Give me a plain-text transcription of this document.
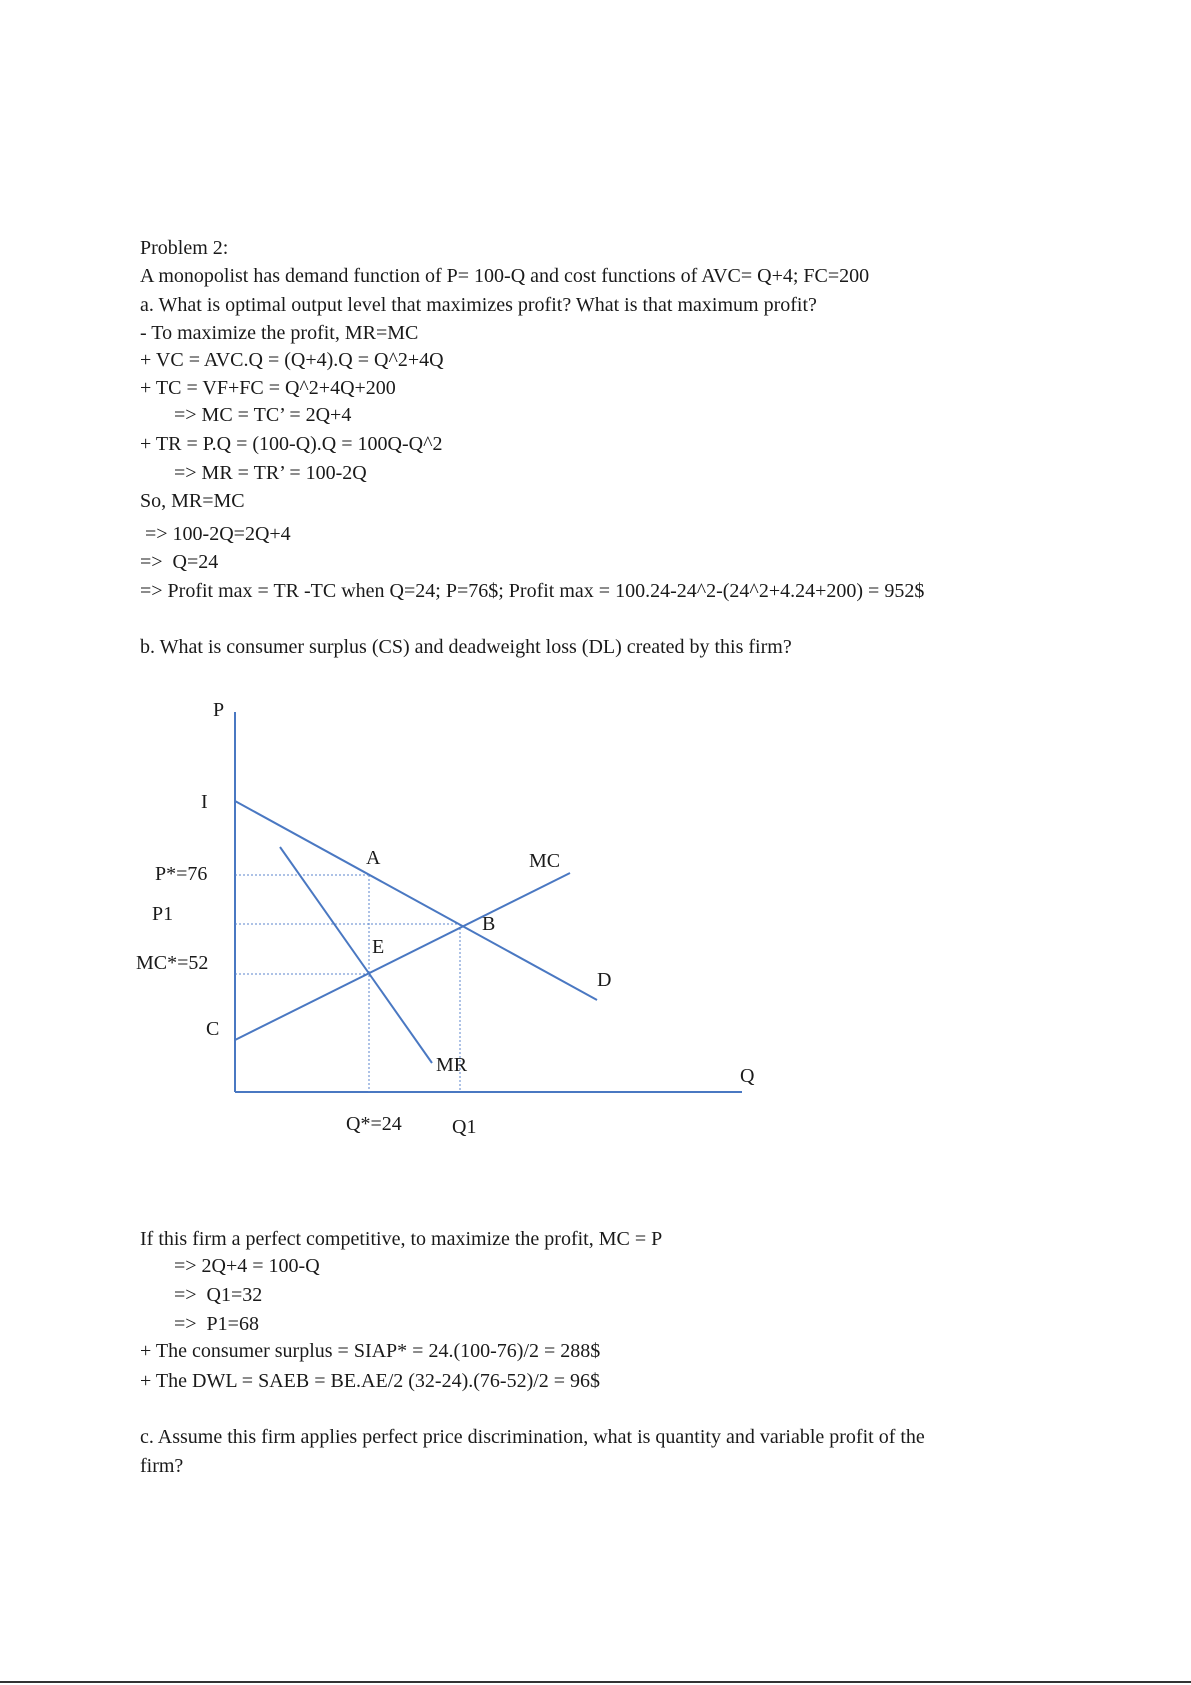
Problem 2:
A monopolist has demand function of P= 100-Q and cost functions of AVC= Q+4; FC=200
a. What is optimal output level that maximizes profit? What is that maximum profit?
- To maximize the profit, MR=MC
+ VC = AVC.Q = (Q+4).Q = Q^2+4Q
+ TC = VF+FC = Q^2+4Q+200
=> MC = TC’ = 2Q+4
+ TR = P.Q = (100-Q).Q = 100Q-Q^2
=> MR = TR’ = 100-2Q
So, MR=MC
=> 100-2Q=2Q+4
=>  Q=24
=> Profit max = TR -TC when Q=24; P=76$; Profit max = 100.24-24^2-(24^2+4.24+200) = 952$
b. What is consumer surplus (CS) and deadweight loss (DL) created by this firm?
P
I
P*=76
P1
MC*=52
C
A
B
E
D
MC
MR	Q
Q*=24	Q1
If this firm a perfect competitive, to maximize the profit, MC = P
=> 2Q+4 = 100-Q
=>  Q1=32
=>  P1=68
+ The consumer surplus = SIAP* = 24.(100-76)/2 = 288$
+ The DWL = SAEB = BE.AE/2 (32-24).(76-52)/2 = 96$
c. Assume this firm applies perfect price discrimination, what is quantity and variable profit of the
firm?
